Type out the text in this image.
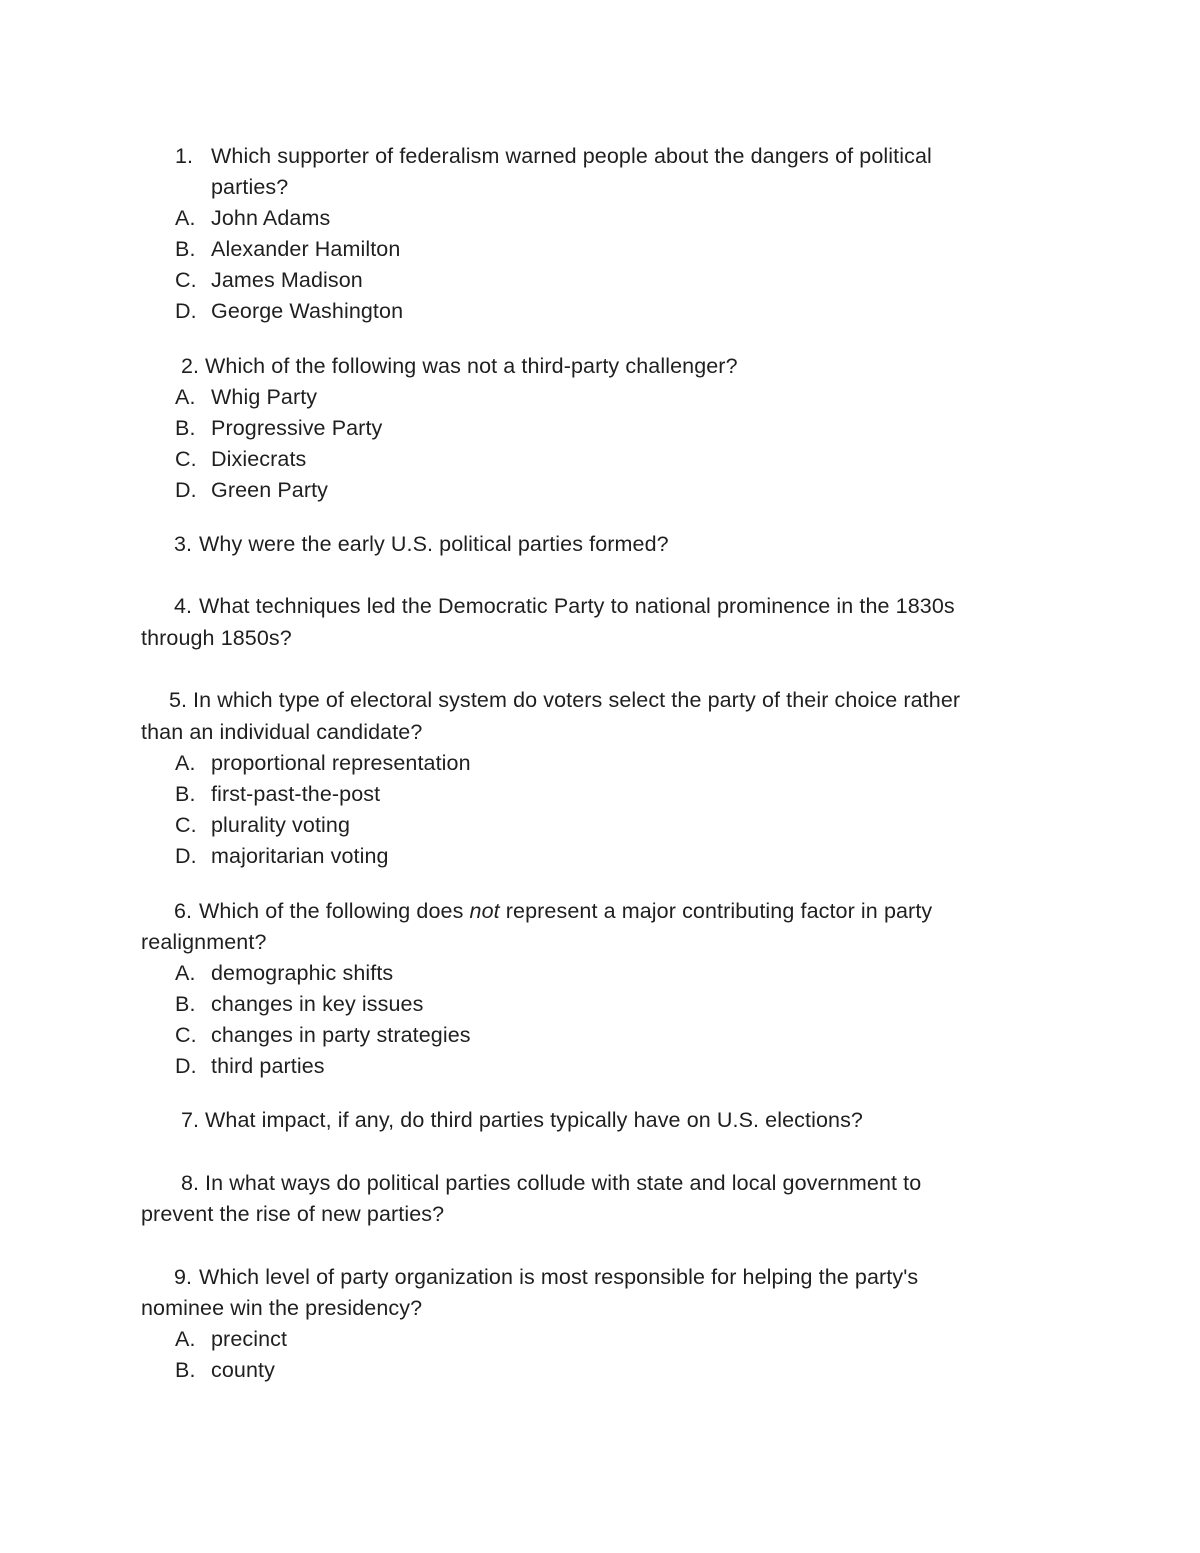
1. Which supporter of federalism warned people about the dangers of political
parties?
A. John Adams
B. Alexander Hamilton
C. James Madison
D. George Washington
2. Which of the following was not a third-party challenger?
A. Whig Party
B. Progressive Party
C. Dixiecrats
D. Green Party
3. Why were the early U.S. political parties formed?
4. What techniques led the Democratic Party to national prominence in the 1830s
through 1850s?
5. In which type of electoral system do voters select the party of their choice rather
than an individual candidate?
A. proportional representation
B. first-past-the-post
C. plurality voting
D. majoritarian voting
6. Which of the following does not represent a major contributing factor in party
realignment?
A. demographic shifts
B. changes in key issues
C. changes in party strategies
D. third parties
7. What impact, if any, do third parties typically have on U.S. elections?
8. In what ways do political parties collude with state and local government to
prevent the rise of new parties?
9. Which level of party organization is most responsible for helping the party's
nominee win the presidency?
A. precinct
B. county
